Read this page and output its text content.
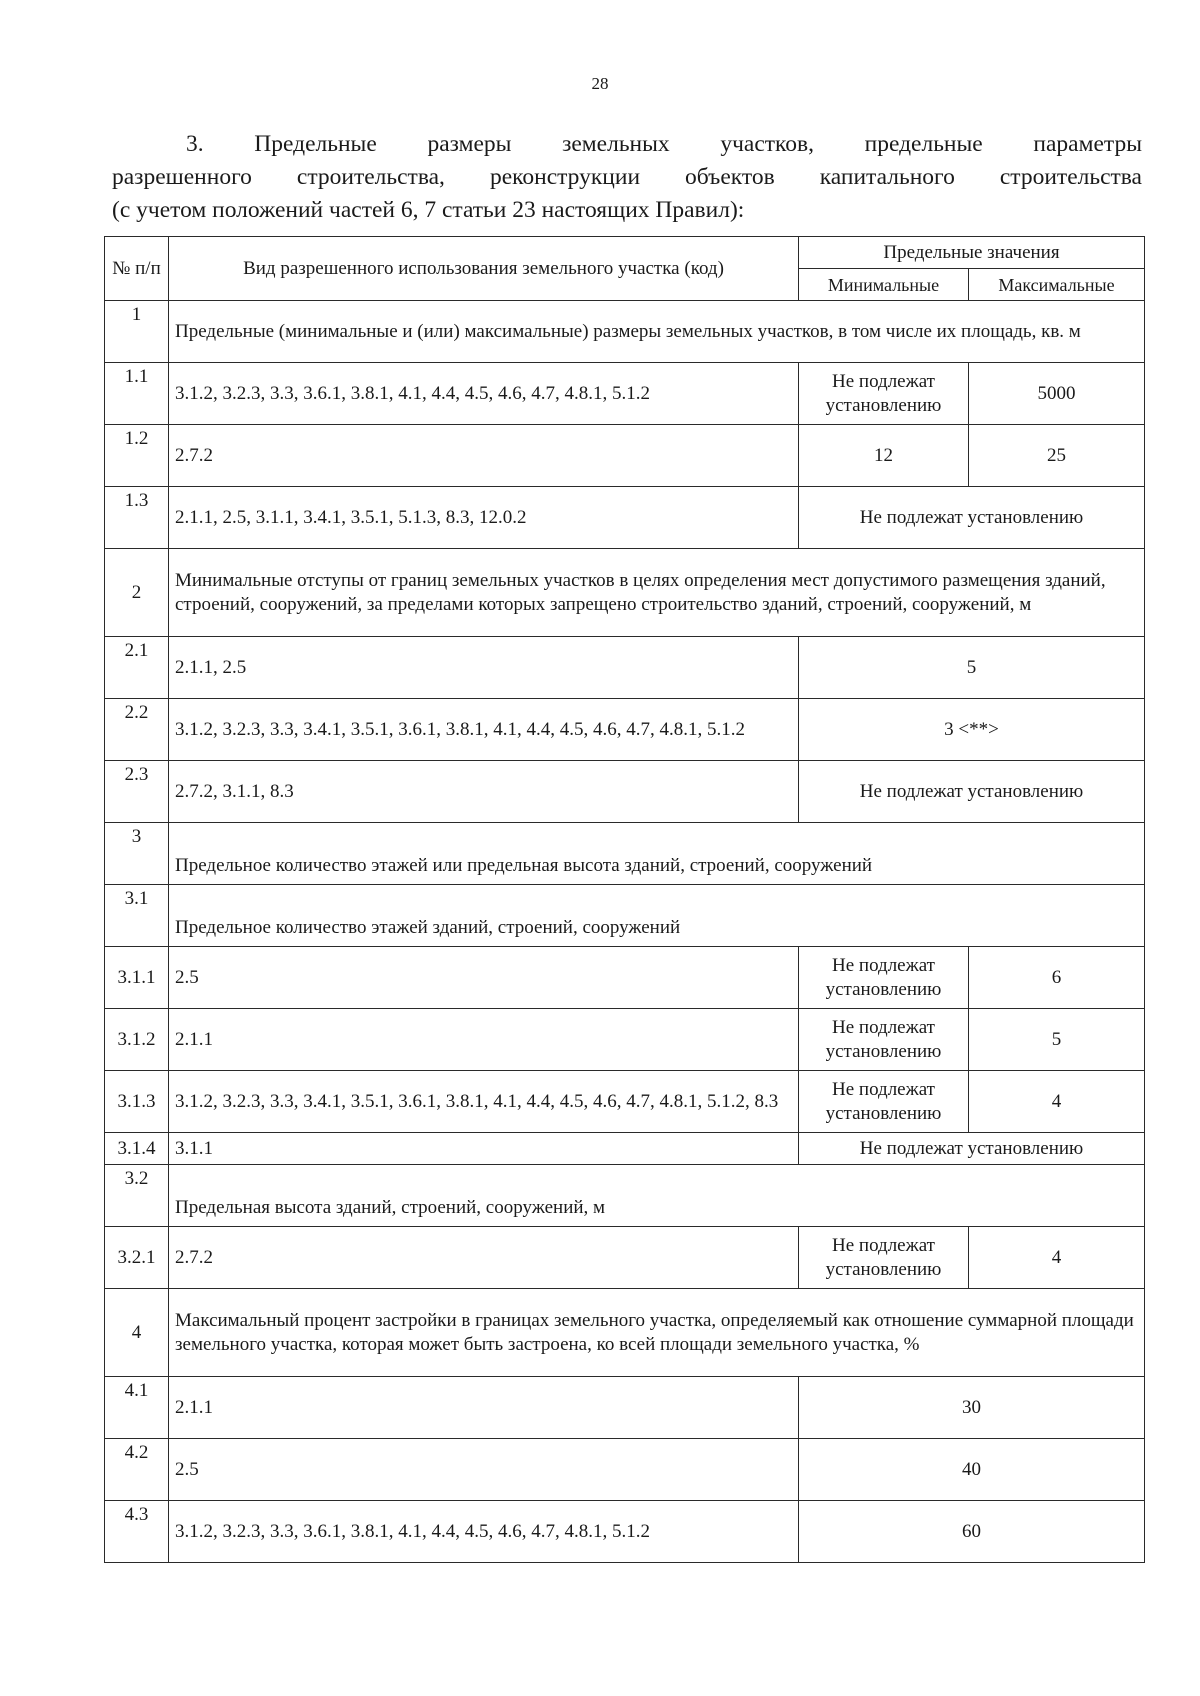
28

3. Предельные размеры земельных участков, предельные параметры

разрешенного строительства, реконструкции объектов капитального строительства

(с учетом положений частей 6, 7 статьи 23 настоящих Правил):

№ п/п	Вид разрешенного использования земельного участка (код)	Предельные значения	
		Минимальные	Максимальные
1	Предельные (минимальные и (или) максимальные) размеры земельных участков, в том числе их площадь, кв. м		
1.1	3.1.2, 3.2.3, 3.3, 3.6.1, 3.8.1, 4.1, 4.4, 4.5, 4.6, 4.7, 4.8.1, 5.1.2	Не подлежат установлению	5000
1.2	2.7.2	12	25
1.3	2.1.1, 2.5, 3.1.1, 3.4.1, 3.5.1, 5.1.3, 8.3, 12.0.2	Не подлежат установлению	
2	Минимальные отступы от границ земельных участков в целях определения мест допустимого размещения зданий, строений, сооружений, за пределами которых запрещено строительство зданий, строений, сооружений, м		
2.1	2.1.1, 2.5	5	
2.2	3.1.2, 3.2.3, 3.3, 3.4.1, 3.5.1, 3.6.1, 3.8.1, 4.1, 4.4, 4.5, 4.6, 4.7, 4.8.1, 5.1.2	3 <**>	
2.3	2.7.2, 3.1.1, 8.3	Не подлежат установлению	
3	Предельное количество этажей или предельная высота зданий, строений, сооружений		
3.1	Предельное количество этажей зданий, строений, сооружений		
3.1.1	2.5	Не подлежат установлению	6
3.1.2	2.1.1	Не подлежат установлению	5
3.1.3	3.1.2, 3.2.3, 3.3, 3.4.1, 3.5.1, 3.6.1, 3.8.1, 4.1, 4.4, 4.5, 4.6, 4.7, 4.8.1, 5.1.2, 8.3	Не подлежат установлению	4
3.1.4	3.1.1	Не подлежат установлению	
3.2	Предельная высота зданий, строений, сооружений, м		
3.2.1	2.7.2	Не подлежат установлению	4
4	Максимальный процент застройки в границах земельного участка, определяемый как отношение суммарной площади земельного участка, которая может быть застроена, ко всей площади земельного участка, %		
4.1	2.1.1	30	
4.2	2.5	40	
4.3	3.1.2, 3.2.3, 3.3, 3.6.1, 3.8.1, 4.1, 4.4, 4.5, 4.6, 4.7, 4.8.1, 5.1.2	60	
